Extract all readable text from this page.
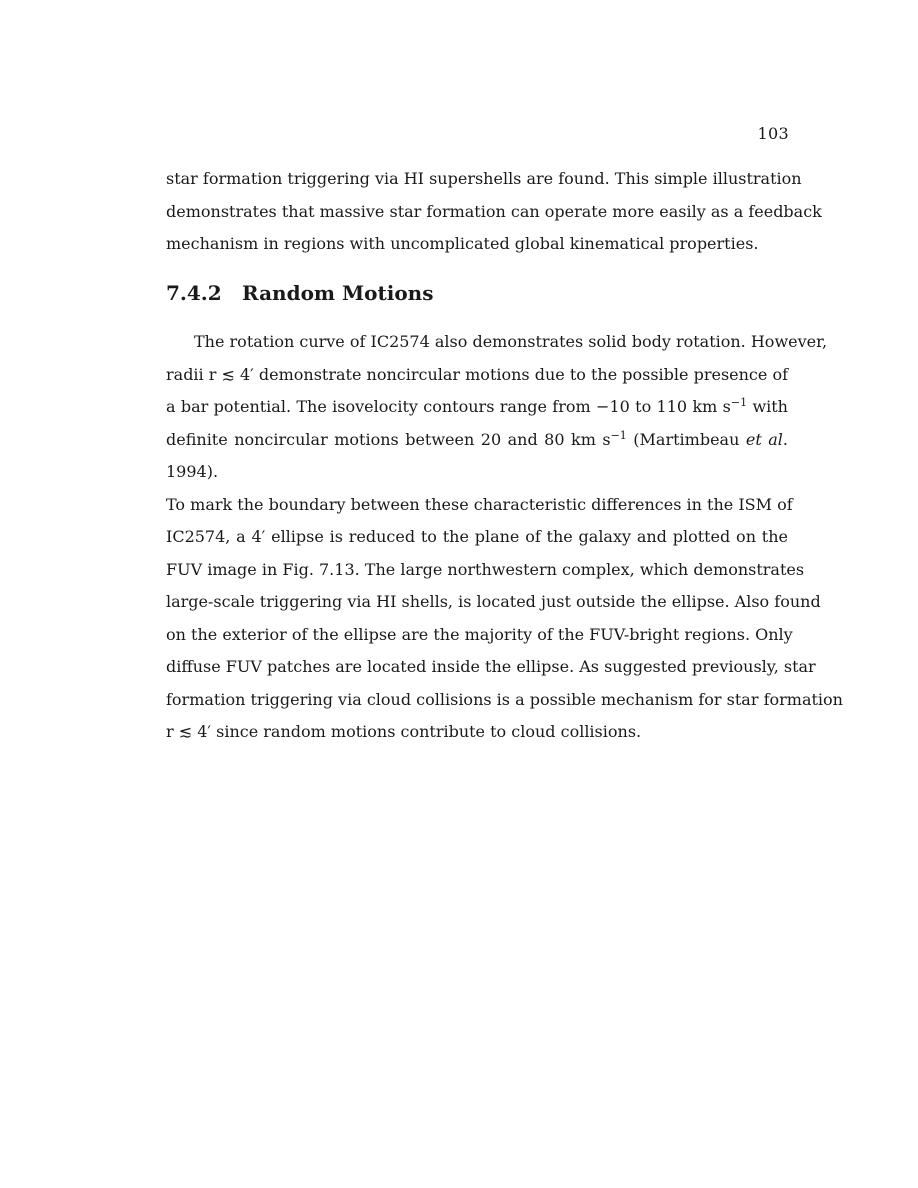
103
star formation triggering via HI supershells are found. This simple illustration
demonstrates that massive star formation can operate more easily as a feedback
mechanism in regions with uncomplicated global kinematical properties.
7.4.2 Random Motions
The rotation curve of IC2574 also demonstrates solid body rotation. However,
radii r ≲ 4′ demonstrate noncircular motions due to the possible presence of
a bar potential. The isovelocity contours range from −10 to 110 km $s^{-1}$ with
definite noncircular motions between 20 and 80 km $s^{-1}$ (Martimbeau et al. 1994).
To mark the boundary between these characteristic differences in the ISM of
IC2574, a 4′ ellipse is reduced to the plane of the galaxy and plotted on the
FUV image in Fig. 7.13. The large northwestern complex, which demonstrates
large-scale triggering via HI shells, is located just outside the ellipse. Also found
on the exterior of the ellipse are the majority of the FUV-bright regions. Only
diffuse FUV patches are located inside the ellipse. As suggested previously, star
formation triggering via cloud collisions is a possible mechanism for star formation
r ≲ 4′ since random motions contribute to cloud collisions.
